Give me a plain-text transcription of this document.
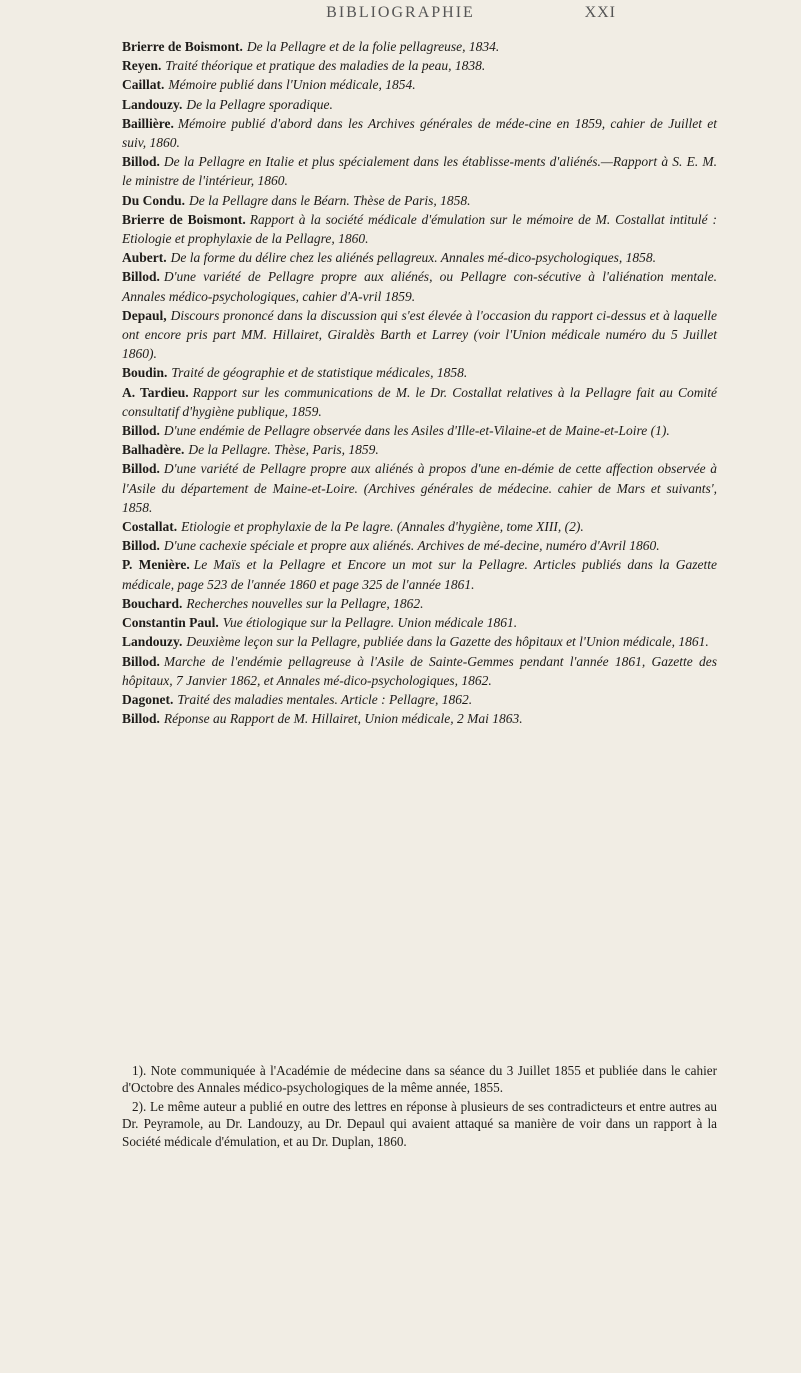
BIBLIOGRAPHIE	XXI

Brierre de Boismont. De la Pellagre et de la folie pellagreuse, 1834.

Reyen. Traité théorique et pratique des maladies de la peau, 1838.

Caillat. Mémoire publié dans l'Union médicale, 1854.

Landouzy. De la Pellagre sporadique.

Baillière. Mémoire publié d'abord dans les Archives générales de méde-cine en 1859, cahier de Juillet et suiv, 1860.

Billod. De la Pellagre en Italie et plus spécialement dans les établisse-ments d'aliénés.—Rapport à S. E. M. le ministre de l'intérieur, 1860.

Du Condu. De la Pellagre dans le Béarn. Thèse de Paris, 1858.

Brierre de Boismont. Rapport à la société médicale d'émulation sur le mémoire de M. Costallat intitulé : Etiologie et prophylaxie de la Pellagre, 1860.

Aubert. De la forme du délire chez les aliénés pellagreux. Annales mé-dico-psychologiques, 1858.

Billod. D'une variété de Pellagre propre aux aliénés, ou Pellagre con-sécutive à l'aliénation mentale. Annales médico-psychologiques, cahier d'A-vril 1859.

Depaul, Discours prononcé dans la discussion qui s'est élevée à l'occasion du rapport ci-dessus et à laquelle ont encore pris part MM. Hillairet, Giraldès Barth et Larrey (voir l'Union médicale numéro du 5 Juillet 1860).

Boudin. Traité de géographie et de statistique médicales, 1858.

A. Tardieu. Rapport sur les communications de M. le Dr. Costallat relatives à la Pellagre fait au Comité consultatif d'hygiène publique, 1859.

Billod. D'une endémie de Pellagre observée dans les Asiles d'Ille-et-Vilaine-et de Maine-et-Loire (1).

Balhadère. De la Pellagre. Thèse, Paris, 1859.

Billod. D'une variété de Pellagre propre aux aliénés à propos d'une en-démie de cette affection observée à l'Asile du département de Maine-et-Loire. (Archives générales de médecine. cahier de Mars et suivants', 1858.

Costallat. Etiologie et prophylaxie de la Pe lagre. (Annales d'hygiène, tome XIII, (2).

Billod. D'une cachexie spéciale et propre aux aliénés. Archives de mé-decine, numéro d'Avril 1860.

P. Menière. Le Maïs et la Pellagre et Encore un mot sur la Pellagre. Articles publiés dans la Gazette médicale, page 523 de l'année 1860 et page 325 de l'année 1861.

Bouchard. Recherches nouvelles sur la Pellagre, 1862.

Constantin Paul. Vue étiologique sur la Pellagre. Union médicale 1861.

Landouzy. Deuxième leçon sur la Pellagre, publiée dans la Gazette des hôpitaux et l'Union médicale, 1861.

Billod. Marche de l'endémie pellagreuse à l'Asile de Sainte-Gemmes pendant l'année 1861, Gazette des hôpitaux, 7 Janvier 1862, et Annales mé-dico-psychologiques, 1862.

Dagonet. Traité des maladies mentales. Article : Pellagre, 1862.

Billod. Réponse au Rapport de M. Hillairet, Union médicale, 2 Mai 1863.

1). Note communiquée à l'Académie de médecine dans sa séance du 3 Juillet 1855 et publiée dans le cahier d'Octobre des Annales médico-psychologiques de la même année, 1855.

2). Le même auteur a publié en outre des lettres en réponse à plusieurs de ses contradicteurs et entre autres au Dr. Peyramole, au Dr. Landouzy, au Dr. Depaul qui avaient attaqué sa manière de voir dans un rapport à la Société médicale d'émulation, et au Dr. Duplan, 1860.
